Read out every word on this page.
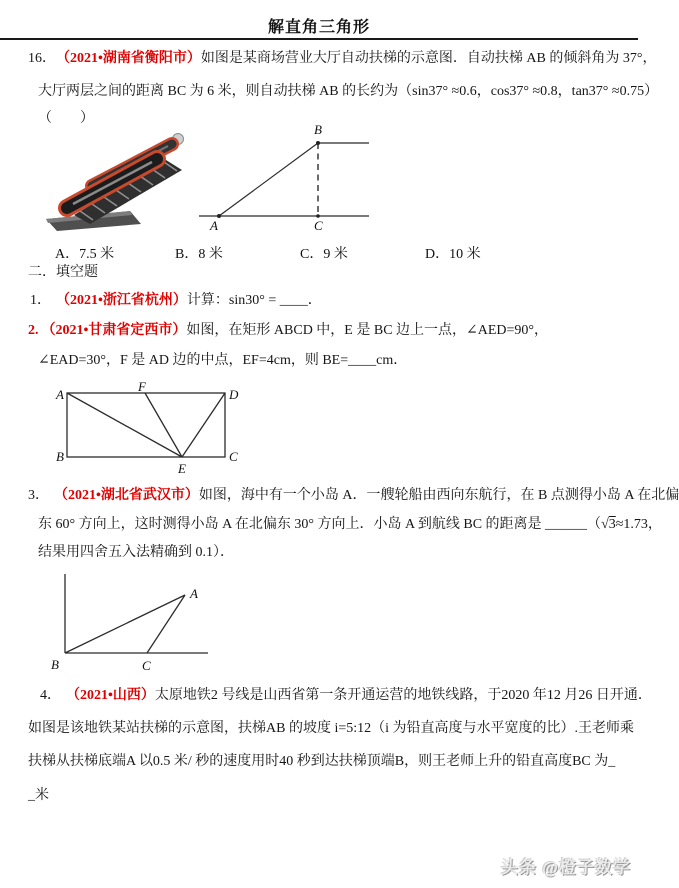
解直角三角形
16．（2021•湖南省衡阳市）如图是某商场营业大厅自动扶梯的示意图．自动扶梯 AB 的倾斜角为 37°，
大厅两层之间的距离 BC 为 6 米，则自动扶梯 AB 的长约为（sin37° ≈0.6，cos37° ≈0.8，tan37° ≈0.75）
（　　）
B
A	C
A．7.5 米	B．8 米	C．9 米	D．10 米
二．填空题
1． （2021•浙江省杭州）计算：sin30° = ____．
2. （2021•甘肃省定西市）如图，在矩形 ABCD 中，E 是 BC 边上一点，∠AED=90°，
∠EAD=30°，F 是 AD 边的中点，EF=4cm，则 BE=____cm．
A
F
D
B	C
E
3． （2021•湖北省武汉市）如图，海中有一个小岛 A．一艘轮船由西向东航行，在 B 点测得小岛 A 在北偏
东 60° 方向上，这时测得小岛 A 在北偏东 30° 方向上．小岛 A 到航线 BC 的距离是 ______（√3≈1.73，
结果用四舍五入法精确到 0.1）．
A
B	C
4． （2021•山西）太原地铁2 号线是山西省第一条开通运营的地铁线路，于2020 年12 月26 日开通．
如图是该地铁某站扶梯的示意图，扶梯AB 的坡度 i=5:12（i 为铅直高度与水平宽度的比）.王老师乘
扶梯从扶梯底端A 以0.5 米/ 秒的速度用时40 秒到达扶梯顶端B，则王老师上升的铅直高度BC 为_
_米
头条 @橙子数学
